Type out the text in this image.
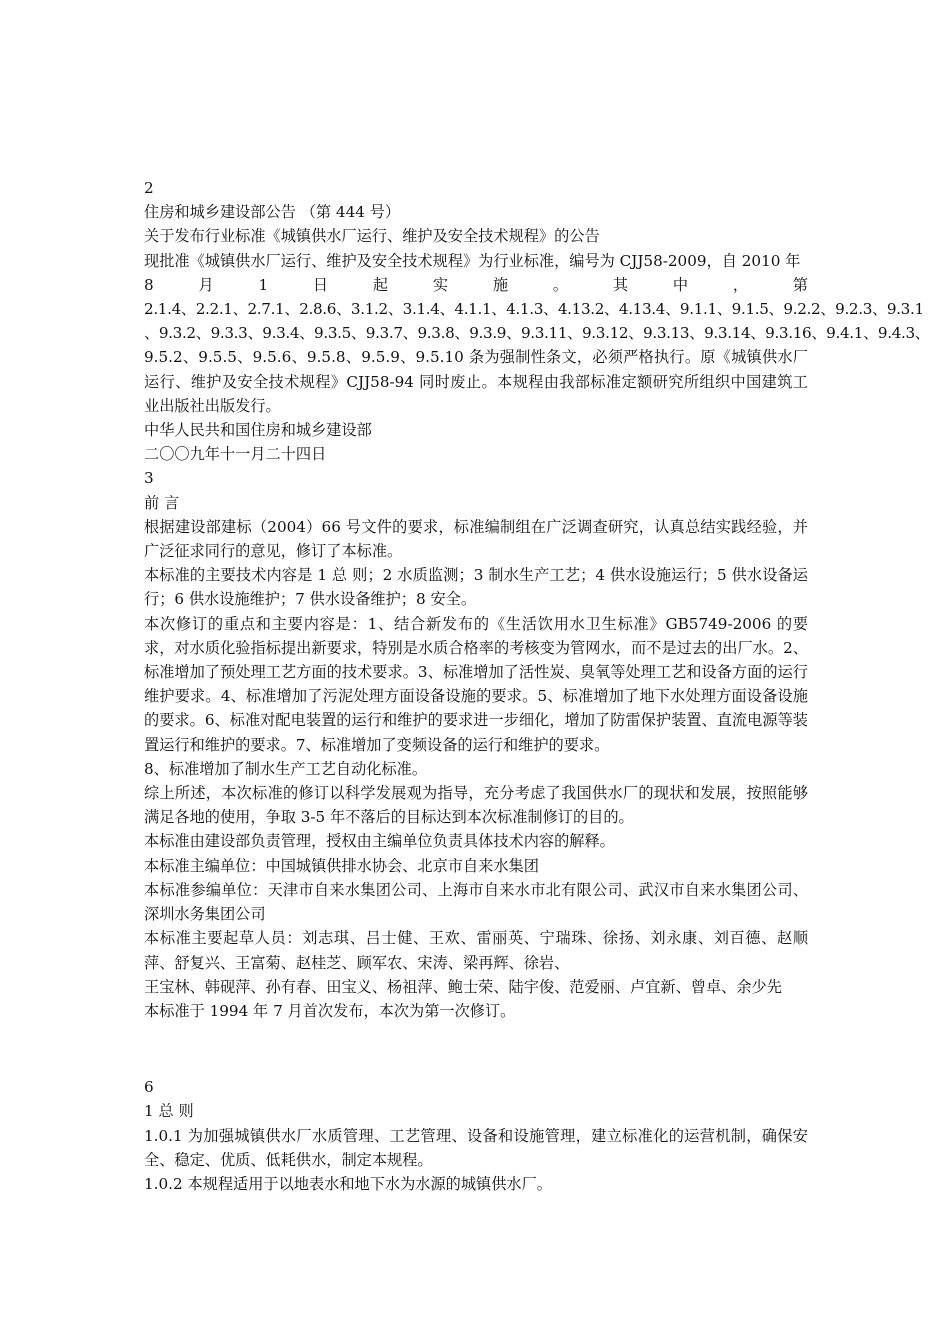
2
住房和城乡建设部公告 （第 444 号）
关于发布行业标准《城镇供水厂运行、维护及安全技术规程》的公告
现批准《城镇供水厂运行、维护及安全技术规程》为行业标准，编号为 CJJ58-2009，自 2010 年
8	月	1	日	起	实	施	。	其	中	，	第
2.1.4、2.2.1、2.7.1、2.8.6、3.1.2、3.1.4、4.1.1、4.1.3、4.13.2、4.13.4、9.1.1、9.1.5、9.2.2、9.2.3、9.3.1
、9.3.2、9.3.3、9.3.4、9.3.5、9.3.7、9.3.8、9.3.9、9.3.11、9.3.12、9.3.13、9.3.14、9.3.16、9.4.1、9.4.3、
9.5.2、9.5.5、9.5.6、9.5.8、9.5.9、9.5.10 条为强制性条文，必须严格执行。原《城镇供水厂运行、维护及安全技术规程》CJJ58-94 同时废止。本规程由我部标准定额研究所组织中国建筑工业出版社出版发行。
中华人民共和国住房和城乡建设部
二〇〇九年十一月二十四日
3
前 言
根据建设部建标（2004）66 号文件的要求，标准编制组在广泛调查研究，认真总结实践经验，并广泛征求同行的意见，修订了本标准。
本标准的主要技术内容是 1 总 则；2 水质监测；3 制水生产工艺；4 供水设施运行；5 供水设备运行；6 供水设施维护；7 供水设备维护；8 安全。
本次修订的重点和主要内容是：1、结合新发布的《生活饮用水卫生标准》GB5749-2006 的要求，对水质化验指标提出新要求，特别是水质合格率的考核变为管网水，而不是过去的出厂水。2、标准增加了预处理工艺方面的技术要求。3、标准增加了活性炭、臭氧等处理工艺和设备方面的运行维护要求。4、标准增加了污泥处理方面设备设施的要求。5、标准增加了地下水处理方面设备设施的要求。6、标准对配电装置的运行和维护的要求进一步细化，增加了防雷保护装置、直流电源等装置运行和维护的要求。7、标准增加了变频设备的运行和维护的要求。
8、标准增加了制水生产工艺自动化标准。
综上所述，本次标准的修订以科学发展观为指导，充分考虑了我国供水厂的现状和发展，按照能够满足各地的使用，争取 3-5 年不落后的目标达到本次标准制修订的目的。
本标准由建设部负责管理，授权由主编单位负责具体技术内容的解释。
本标准主编单位：中国城镇供排水协会、北京市自来水集团
本标准参编单位：天津市自来水集团公司、上海市自来水市北有限公司、武汉市自来水集团公司、深圳水务集团公司
本标准主要起草人员：刘志琪、吕士健、王欢、雷丽英、宁瑞珠、徐扬、刘永康、刘百德、赵顺萍、舒复兴、王富菊、赵桂芝、顾军农、宋涛、梁再辉、徐岩、
王宝林、韩砚萍、孙有春、田宝义、杨祖萍、鲍士荣、陆宇俊、范爱丽、卢宜新、曾卓、余少先
本标准于 1994 年 7 月首次发布，本次为第一次修订。
6
1 总 则
1.0.1 为加强城镇供水厂水质管理、工艺管理、设备和设施管理，建立标准化的运营机制，确保安全、稳定、优质、低耗供水，制定本规程。
1.0.2 本规程适用于以地表水和地下水为水源的城镇供水厂。
